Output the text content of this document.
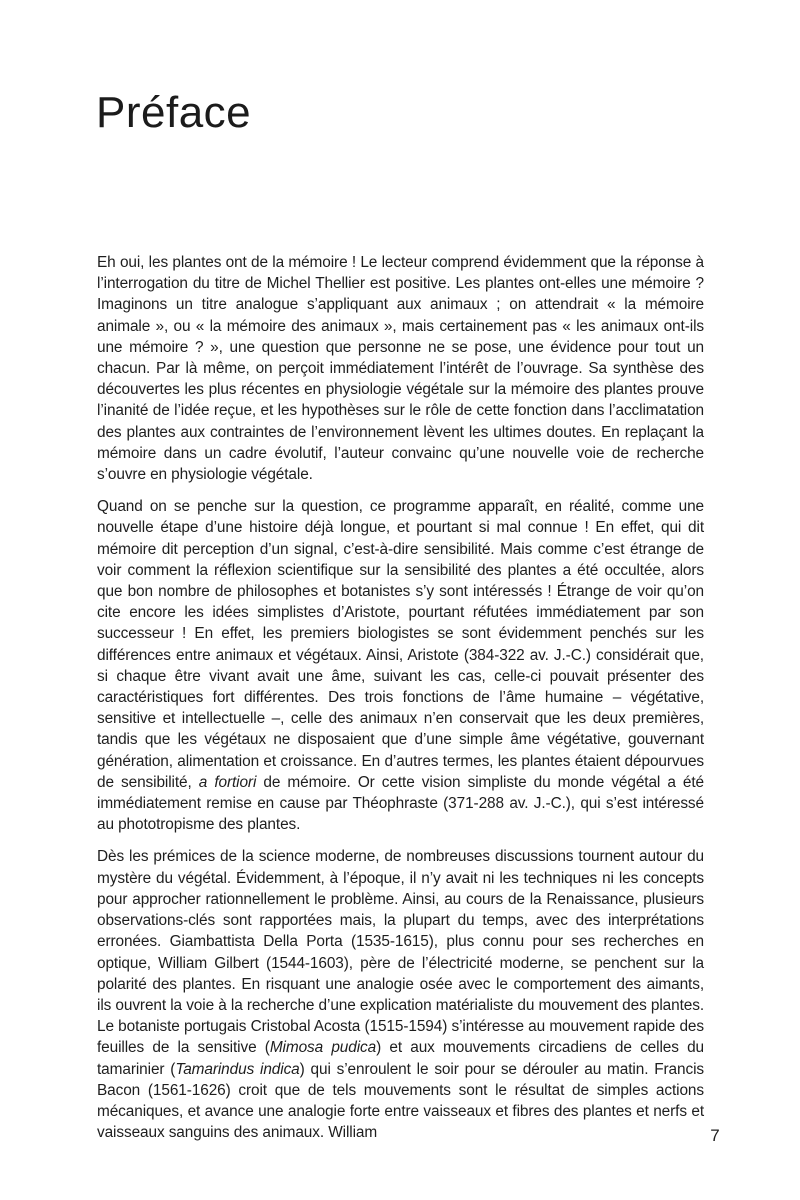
Préface

Eh oui, les plantes ont de la mémoire ! Le lecteur comprend évidemment que la réponse à l’interrogation du titre de Michel Thellier est positive. Les plantes ont-elles une mémoire ? Imaginons un titre analogue s’appliquant aux animaux ; on attendrait « la mémoire animale », ou « la mémoire des animaux », mais certainement pas « les animaux ont-ils une mémoire ? », une question que personne ne se pose, une évidence pour tout un chacun. Par là même, on perçoit immédiatement l’intérêt de l’ouvrage. Sa synthèse des découvertes les plus récentes en physiologie végétale sur la mémoire des plantes prouve l’inanité de l’idée reçue, et les hypothèses sur le rôle de cette fonction dans l’acclimatation des plantes aux contraintes de l’environnement lèvent les ultimes doutes. En replaçant la mémoire dans un cadre évolutif, l’auteur convainc qu’une nouvelle voie de recherche s’ouvre en physiologie végétale.

Quand on se penche sur la question, ce programme apparaît, en réalité, comme une nouvelle étape d’une histoire déjà longue, et pourtant si mal connue ! En effet, qui dit mémoire dit perception d’un signal, c’est-à-dire sensibilité. Mais comme c’est étrange de voir comment la réflexion scientifique sur la sensibilité des plantes a été occultée, alors que bon nombre de philosophes et botanistes s’y sont intéressés ! Étrange de voir qu’on cite encore les idées simplistes d’Aristote, pourtant réfutées immédiatement par son successeur ! En effet, les premiers biologistes se sont évidemment penchés sur les différences entre animaux et végétaux. Ainsi, Aristote (384-322 av. J.-C.) considérait que, si chaque être vivant avait une âme, suivant les cas, celle-ci pouvait présenter des caractéristiques fort différentes. Des trois fonctions de l’âme humaine – végétative, sensitive et intellectuelle –, celle des animaux n’en conservait que les deux premières, tandis que les végétaux ne disposaient que d’une simple âme végétative, gouvernant génération, alimentation et croissance. En d’autres termes, les plantes étaient dépourvues de sensibilité, a fortiori de mémoire. Or cette vision simpliste du monde végétal a été immédiatement remise en cause par Théophraste (371-288 av. J.-C.), qui s’est intéressé au phototropisme des plantes.

Dès les prémices de la science moderne, de nombreuses discussions tournent autour du mystère du végétal. Évidemment, à l’époque, il n’y avait ni les techniques ni les concepts pour approcher rationnellement le problème. Ainsi, au cours de la Renaissance, plusieurs observations-clés sont rapportées mais, la plupart du temps, avec des interprétations erronées. Giambattista Della Porta (1535-1615), plus connu pour ses recherches en optique, William Gilbert (1544-1603), père de l’électricité moderne, se penchent sur la polarité des plantes. En risquant une analogie osée avec le comportement des aimants, ils ouvrent la voie à la recherche d’une explication matérialiste du mouvement des plantes. Le botaniste portugais Cristobal Acosta (1515-1594) s’intéresse au mouvement rapide des feuilles de la sensitive (Mimosa pudica) et aux mouvements circadiens de celles du tamarinier (Tamarindus indica) qui s’enroulent le soir pour se dérouler au matin. Francis Bacon (1561-1626) croit que de tels mouvements sont le résultat de simples actions mécaniques, et avance une analogie forte entre vaisseaux et fibres des plantes et nerfs et vaisseaux sanguins des animaux. William	7
